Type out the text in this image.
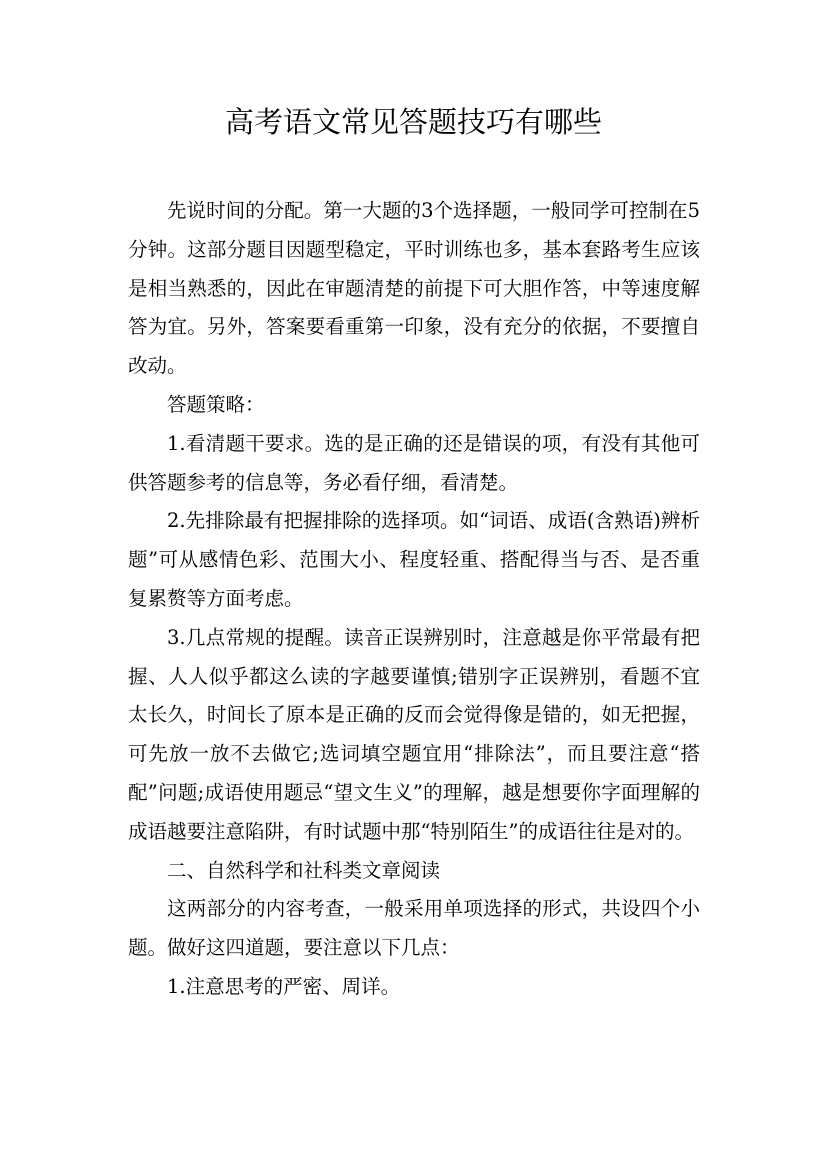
高考语文常见答题技巧有哪些

先说时间的分配。第一大题的3个选择题，一般同学可控制在5分钟。这部分题目因题型稳定，平时训练也多，基本套路考生应该是相当熟悉的，因此在审题清楚的前提下可大胆作答，中等速度解答为宜。另外，答案要看重第一印象，没有充分的依据，不要擅自改动。

答题策略：

1.看清题干要求。选的是正确的还是错误的项，有没有其他可供答题参考的信息等，务必看仔细，看清楚。

2.先排除最有把握排除的选择项。如“词语、成语(含熟语)辨析题”可从感情色彩、范围大小、程度轻重、搭配得当与否、是否重复累赘等方面考虑。

3.几点常规的提醒。读音正误辨别时，注意越是你平常最有把握、人人似乎都这么读的字越要谨慎;错别字正误辨别，看题不宜太长久，时间长了原本是正确的反而会觉得像是错的，如无把握，可先放一放不去做它;选词填空题宜用“排除法”，而且要注意“搭配”问题;成语使用题忌“望文生义”的理解，越是想要你字面理解的成语越要注意陷阱，有时试题中那“特别陌生”的成语往往是对的。

二、自然科学和社科类文章阅读

这两部分的内容考查，一般采用单项选择的形式，共设四个小题。做好这四道题，要注意以下几点：

1.注意思考的严密、周详。
